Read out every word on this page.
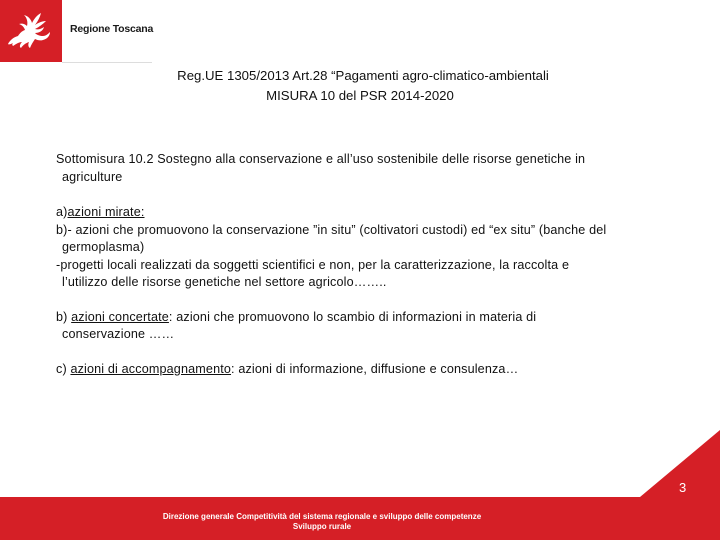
Regione Toscana
Reg.UE 1305/2013 Art.28 “Pagamenti agro-climatico-ambientali
MISURA 10 del PSR 2014-2020

Sottomisura 10.2 Sostegno alla conservazione e all’uso sostenibile delle risorse genetiche in

agriculture

a)azioni mirate:

b)- azioni che promuovono la conservazione ”in situ” (coltivatori custodi) ed “ex situ” (banche del

germoplasma)

-progetti locali realizzati da soggetti scientifici e non, per la caratterizzazione, la raccolta e

l’utilizzo delle risorse genetiche nel settore agricolo……..

b) azioni concertate: azioni che promuovono lo scambio di informazioni in materia di

conservazione ……

c) azioni di accompagnamento: azioni di informazione, diffusione e consulenza…

Direzione generale Competitività del sistema regionale e sviluppo delle competenze
Sviluppo rurale
3
